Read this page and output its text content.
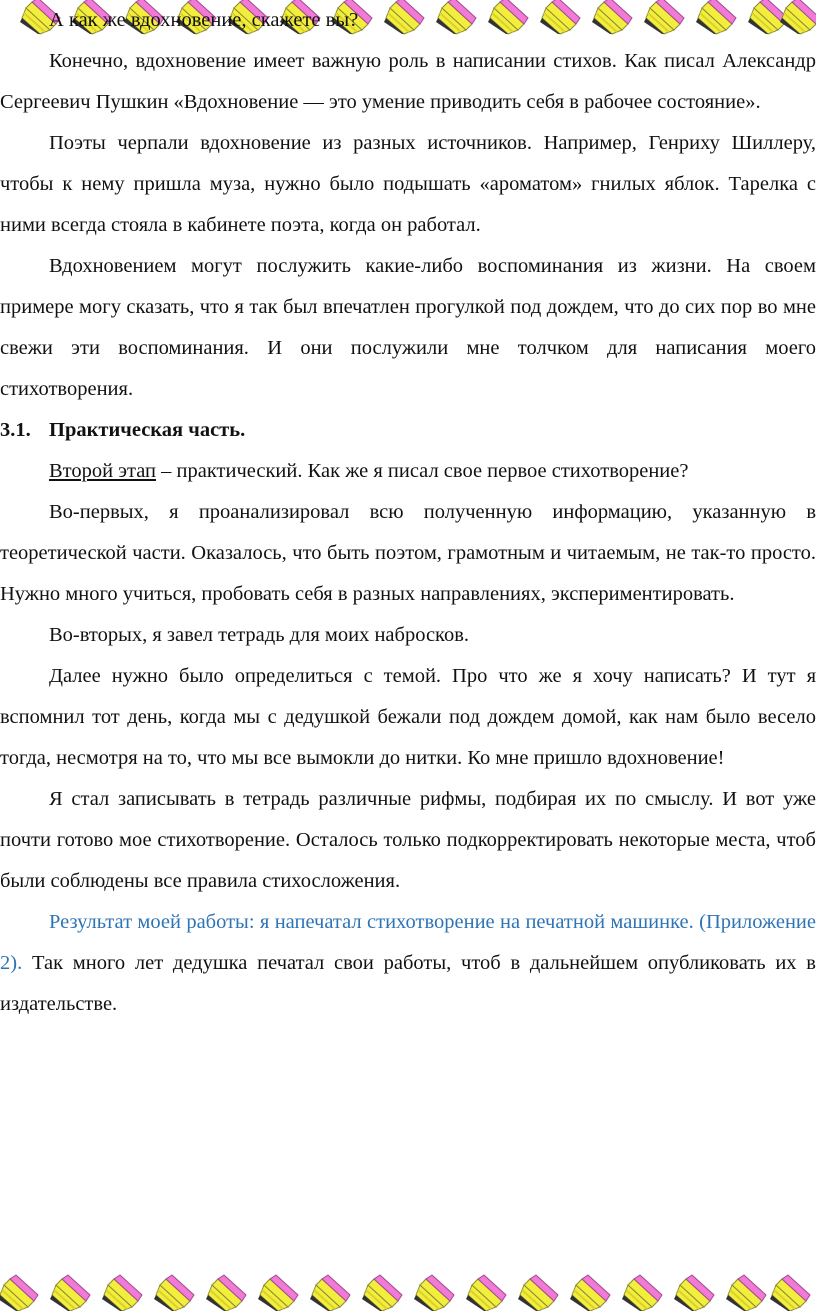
А как же вдохновение, скажете вы?

Конечно, вдохновение имеет важную роль в написании стихов. Как писал Александр Сергеевич Пушкин «Вдохновение — это умение приводить себя в рабочее состояние».

Поэты черпали вдохновение из разных источников. Например, Генриху Шиллеру, чтобы к нему пришла муза, нужно было подышать «ароматом» гнилых яблок. Тарелка с ними всегда стояла в кабинете поэта, когда он работал.

Вдохновением могут послужить какие-либо воспоминания из жизни. На своем примере могу сказать, что я так был впечатлен прогулкой под дождем, что до сих пор во мне свежи эти воспоминания. И они послужили мне толчком для написания моего стихотворения.

3.1. Практическая часть.

Второй этап – практический. Как же я писал свое первое стихотворение?

Во-первых, я проанализировал всю полученную информацию, указанную в теоретической части. Оказалось, что быть поэтом, грамотным и читаемым, не так-то просто. Нужно много учиться, пробовать себя в разных направлениях, экспериментировать.

Во-вторых, я завел тетрадь для моих набросков.

Далее нужно было определиться с темой. Про что же я хочу написать? И тут я вспомнил тот день, когда мы с дедушкой бежали под дождем домой, как нам было весело тогда, несмотря на то, что мы все вымокли до нитки. Ко мне пришло вдохновение!

Я стал записывать в тетрадь различные рифмы, подбирая их по смыслу. И вот уже почти готово мое стихотворение. Осталось только подкорректировать некоторые места, чтоб были соблюдены все правила стихосложения.

Результат моей работы: я напечатал стихотворение на печатной машинке. (Приложение 2). Так много лет дедушка печатал свои работы, чтоб в дальнейшем опубликовать их в издательстве.
